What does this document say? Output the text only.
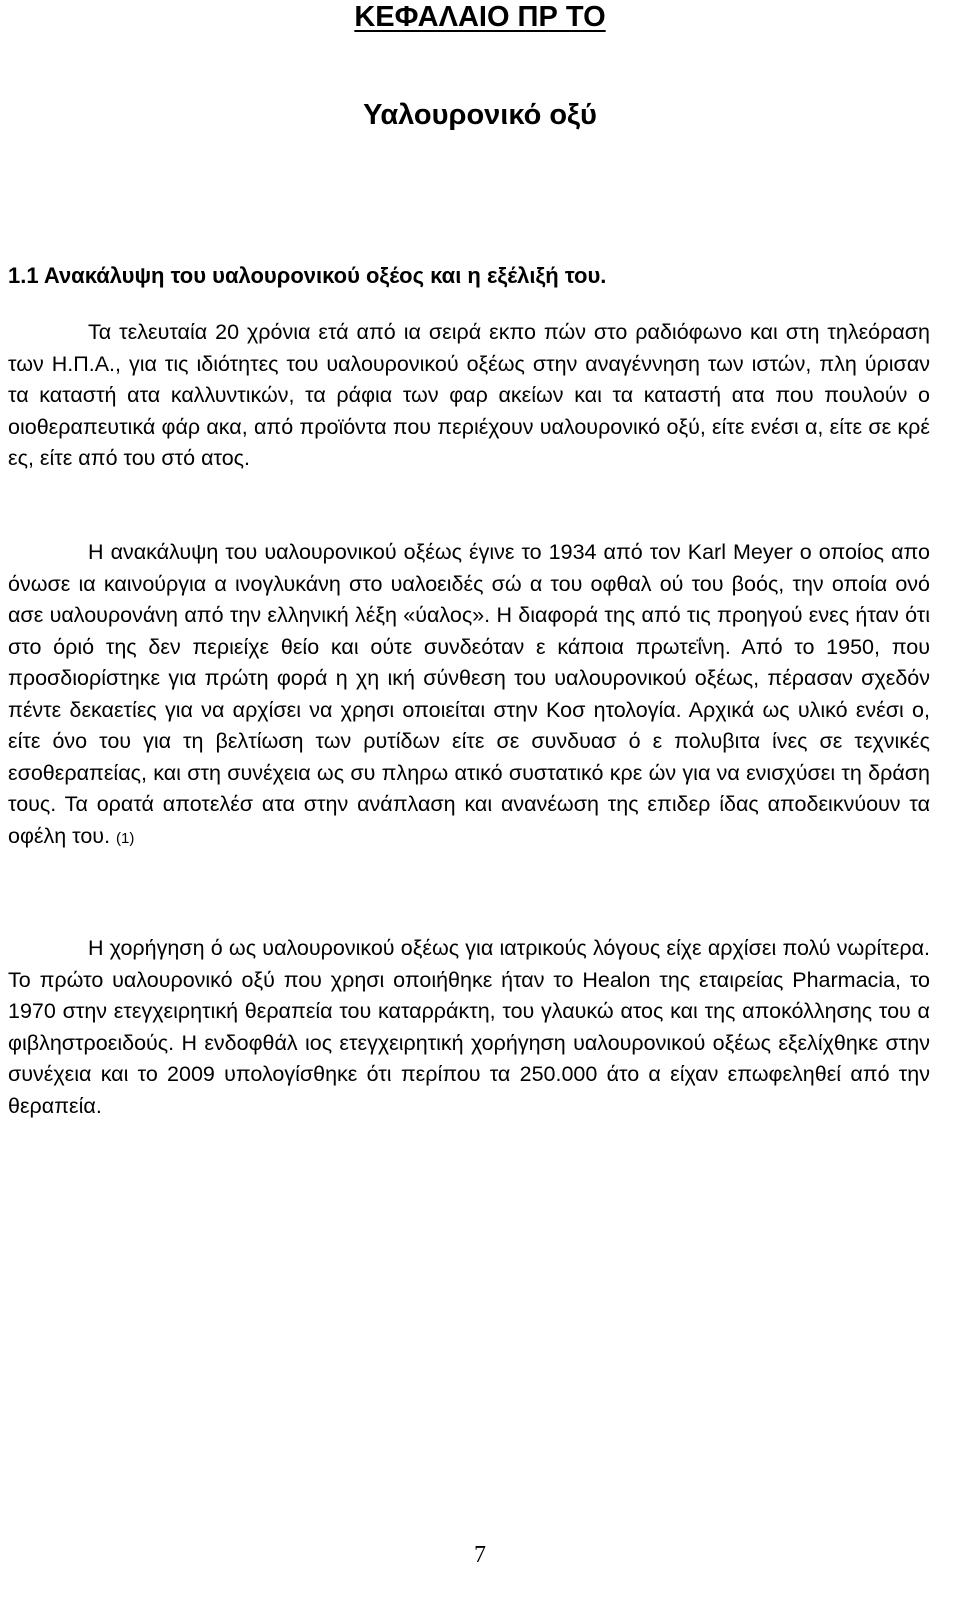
ΚΕΦΑΛΑΙΟ ΠΡ ΤΟ
Υαλουρονικό οξύ
1.1 Ανακάλυψη του υαλουρονικού οξέος και η εξέλιξή του.

Τα τελευταία 20 χρόνια ετά από ια σειρά εκπο πών στο ραδιόφωνο και στη τηλεόραση των Η.Π.Α., για τις ιδιότητες του υαλουρονικού οξέως στην αναγέννηση των ιστών, πλη ύρισαν τα καταστή ατα καλλυντικών, τα ράφια των φαρ ακείων και τα καταστή ατα που πουλούν ο οιοθεραπευτικά φάρ ακα, από προϊόντα που περιέχουν υαλουρονικό οξύ, είτε ενέσι α, είτε σε κρέ ες, είτε από του στό ατος.

Η ανακάλυψη του υαλουρονικού οξέως έγινε το 1934 από τον Karl Meyer ο οποίος απο όνωσε ια καινούργια α ινογλυκάνη στο υαλοειδές σώ α του οφθαλ ού του βοός, την οποία ονό ασε υαλουρονάνη από την ελληνική λέξη «ύαλος». Η διαφορά της από τις προηγού ενες ήταν ότι στο όριό της δεν περιείχε θείο και ούτε συνδεόταν ε κάποια πρωτεΐνη. Από το 1950, που προσδιορίστηκε για πρώτη φορά η χη ική σύνθεση του υαλουρονικού οξέως, πέρασαν σχεδόν πέντε δεκαετίες για να αρχίσει να χρησι οποιείται στην Κοσ ητολογία. Αρχικά ως υλικό ενέσι ο, είτε όνο του για τη βελτίωση των ρυτίδων είτε σε συνδυασ ό ε πολυβιτα ίνες σε τεχνικές εσοθεραπείας, και στη συνέχεια ως συ πληρω ατικό συστατικό κρε ών για να ενισχύσει τη δράση τους. Τα ορατά αποτελέσ ατα στην ανάπλαση και ανανέωση της επιδερ ίδας αποδεικνύουν τα οφέλη του. (1)

Η χορήγηση ό ως υαλουρονικού οξέως για ιατρικούς λόγους είχε αρχίσει πολύ νωρίτερα. Το πρώτο υαλουρονικό οξύ που χρησι οποιήθηκε ήταν το Healon της εταιρείας Pharmacia, το 1970 στην ετεγχειρητική θεραπεία του καταρράκτη, του γλαυκώ ατος και της αποκόλλησης του α φιβληστροειδούς. Η ενδοφθάλ ιος ετεγχειρητική χορήγηση υαλουρονικού οξέως εξελίχθηκε στην συνέχεια και το 2009 υπολογίσθηκε ότι περίπου τα 250.000 άτο α είχαν επωφεληθεί από την θεραπεία.

7
